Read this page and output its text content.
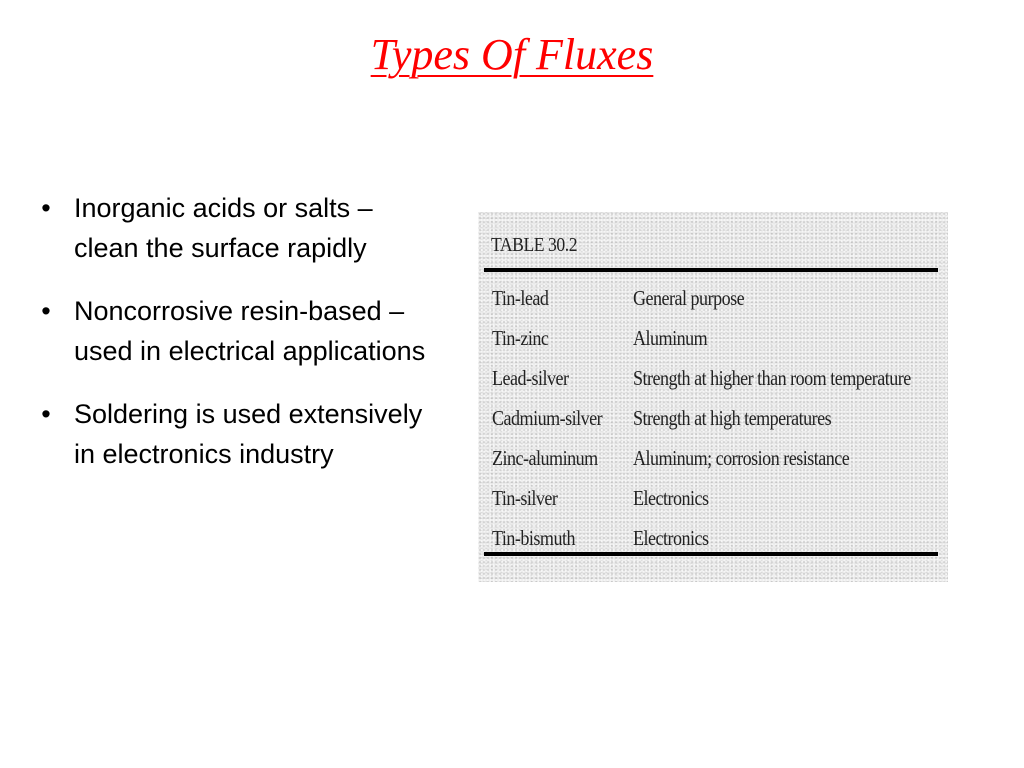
Types Of Fluxes
• Inorganic acids or salts – clean the surface rapidly
• Noncorrosive resin-based – used in electrical applications
• Soldering is used extensively in electronics industry
TABLE 30.2
Tin-lead	General purpose
Tin-zinc	Aluminum
Lead-silver	Strength at higher than room temperature
Cadmium-silver Strength at high temperatures
Zinc-aluminum Aluminum; corrosion resistance
Tin-silver	Electronics
Tin-bismuth	Electronics
